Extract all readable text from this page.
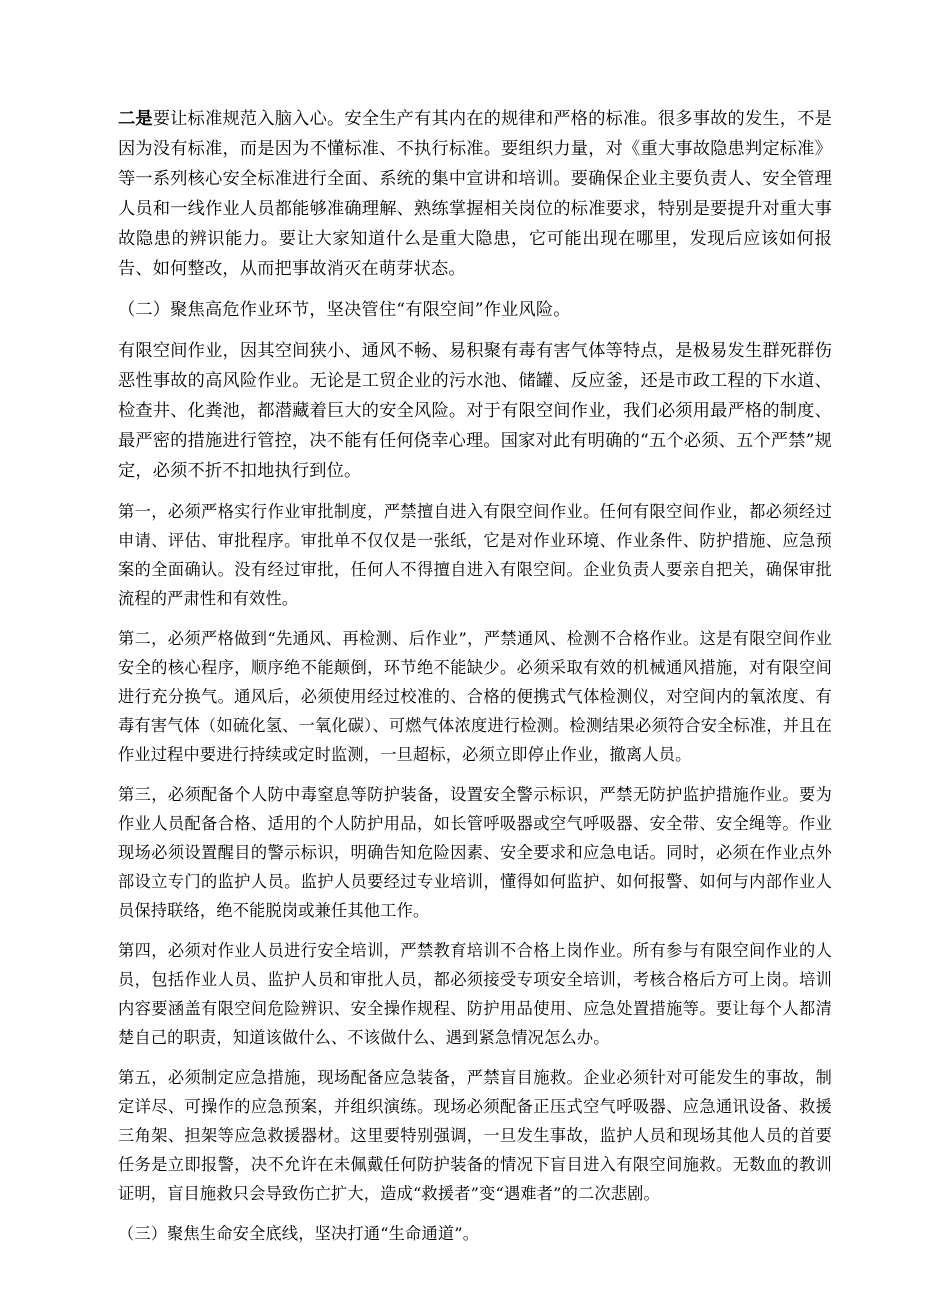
二是要让标准规范入脑入心。安全生产有其内在的规律和严格的标准。很多事故的发生，不是因为没有标准，而是因为不懂标准、不执行标准。要组织力量，对《重大事故隐患判定标准》等一系列核心安全标准进行全面、系统的集中宣讲和培训。要确保企业主要负责人、安全管理人员和一线作业人员都能够准确理解、熟练掌握相关岗位的标准要求，特别是要提升对重大事故隐患的辨识能力。要让大家知道什么是重大隐患，它可能出现在哪里，发现后应该如何报告、如何整改，从而把事故消灭在萌芽状态。

（二）聚焦高危作业环节，坚决管住“有限空间”作业风险。

有限空间作业，因其空间狭小、通风不畅、易积聚有毒有害气体等特点，是极易发生群死群伤恶性事故的高风险作业。无论是工贸企业的污水池、储罐、反应釜，还是市政工程的下水道、检查井、化粪池，都潜藏着巨大的安全风险。对于有限空间作业，我们必须用最严格的制度、最严密的措施进行管控，决不能有任何侥幸心理。国家对此有明确的“五个必须、五个严禁”规定，必须不折不扣地执行到位。

第一，必须严格实行作业审批制度，严禁擅自进入有限空间作业。任何有限空间作业，都必须经过申请、评估、审批程序。审批单不仅仅是一张纸，它是对作业环境、作业条件、防护措施、应急预案的全面确认。没有经过审批，任何人不得擅自进入有限空间。企业负责人要亲自把关，确保审批流程的严肃性和有效性。

第二，必须严格做到“先通风、再检测、后作业”，严禁通风、检测不合格作业。这是有限空间作业安全的核心程序，顺序绝不能颠倒，环节绝不能缺少。必须采取有效的机械通风措施，对有限空间进行充分换气。通风后，必须使用经过校准的、合格的便携式气体检测仪，对空间内的氧浓度、有毒有害气体（如硫化氢、一氧化碳）、可燃气体浓度进行检测。检测结果必须符合安全标准，并且在作业过程中要进行持续或定时监测，一旦超标，必须立即停止作业，撤离人员。

第三，必须配备个人防中毒窒息等防护装备，设置安全警示标识，严禁无防护监护措施作业。要为作业人员配备合格、适用的个人防护用品，如长管呼吸器或空气呼吸器、安全带、安全绳等。作业现场必须设置醒目的警示标识，明确告知危险因素、安全要求和应急电话。同时，必须在作业点外部设立专门的监护人员。监护人员要经过专业培训，懂得如何监护、如何报警、如何与内部作业人员保持联络，绝不能脱岗或兼任其他工作。

第四，必须对作业人员进行安全培训，严禁教育培训不合格上岗作业。所有参与有限空间作业的人员，包括作业人员、监护人员和审批人员，都必须接受专项安全培训，考核合格后方可上岗。培训内容要涵盖有限空间危险辨识、安全操作规程、防护用品使用、应急处置措施等。要让每个人都清楚自己的职责，知道该做什么、不该做什么、遇到紧急情况怎么办。

第五，必须制定应急措施，现场配备应急装备，严禁盲目施救。企业必须针对可能发生的事故，制定详尽、可操作的应急预案，并组织演练。现场必须配备正压式空气呼吸器、应急通讯设备、救援三角架、担架等应急救援器材。这里要特别强调，一旦发生事故，监护人员和现场其他人员的首要任务是立即报警，决不允许在未佩戴任何防护装备的情况下盲目进入有限空间施救。无数血的教训证明，盲目施救只会导致伤亡扩大，造成“救援者”变“遇难者”的二次悲剧。

（三）聚焦生命安全底线，坚决打通“生命通道”。
